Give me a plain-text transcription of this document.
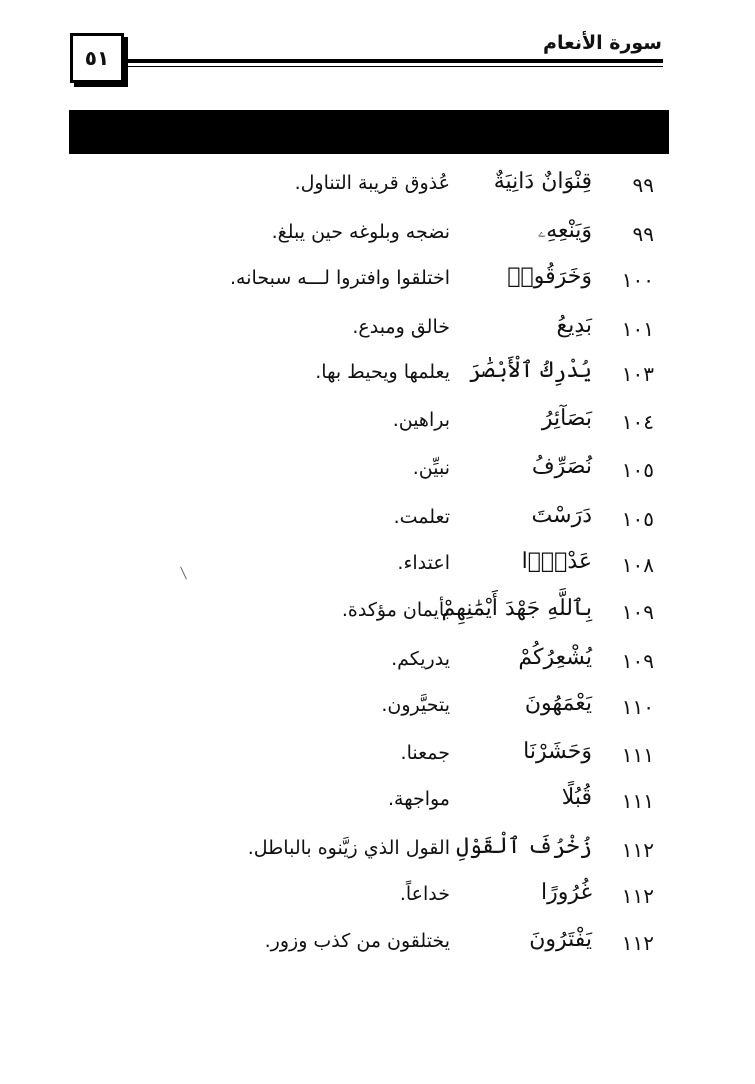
٥١
سورة الأنعام
٩٩
قِنْوَانٌ دَانِيَةٌ
عُذوق قريبة التناول.
٩٩
وَيَنْعِهِۦ
نضجه وبلوغه حين يبلغ.
١٠٠
وَخَرَقُوا۟
اختلقوا وافتروا لـــه سبحانه.
١٠١
بَدِيعُ
خالق ومبدع.
١٠٣
يُدْرِكُ ٱلْأَبْصَٰرَ
يعلمها ويحيط بها.
١٠٤
بَصَآئِرُ
براهين.
١٠٥
نُصَرِّفُ
نبيِّن.
١٠٥
دَرَسْتَ
تعلمت.
١٠٨
عَدْوًۢا
اعتداء.
١٠٩
بِٱللَّهِ جَهْدَ أَيْمَٰنِهِمْ
بأيمان مؤكدة.
١٠٩
يُشْعِرُكُمْ
يدريكم.
١١٠
يَعْمَهُونَ
يتحيَّرون.
١١١
وَحَشَرْنَا
جمعنا.
١١١
قُبُلًا
مواجهة.
١١٢
زُخْرُفَ ٱلْقَوْلِ
القول الذي زيَّنوه بالباطل.
١١٢
غُرُورًا
خداعاً.
١١٢
يَفْتَرُونَ
يختلقون من كذب وزور.
